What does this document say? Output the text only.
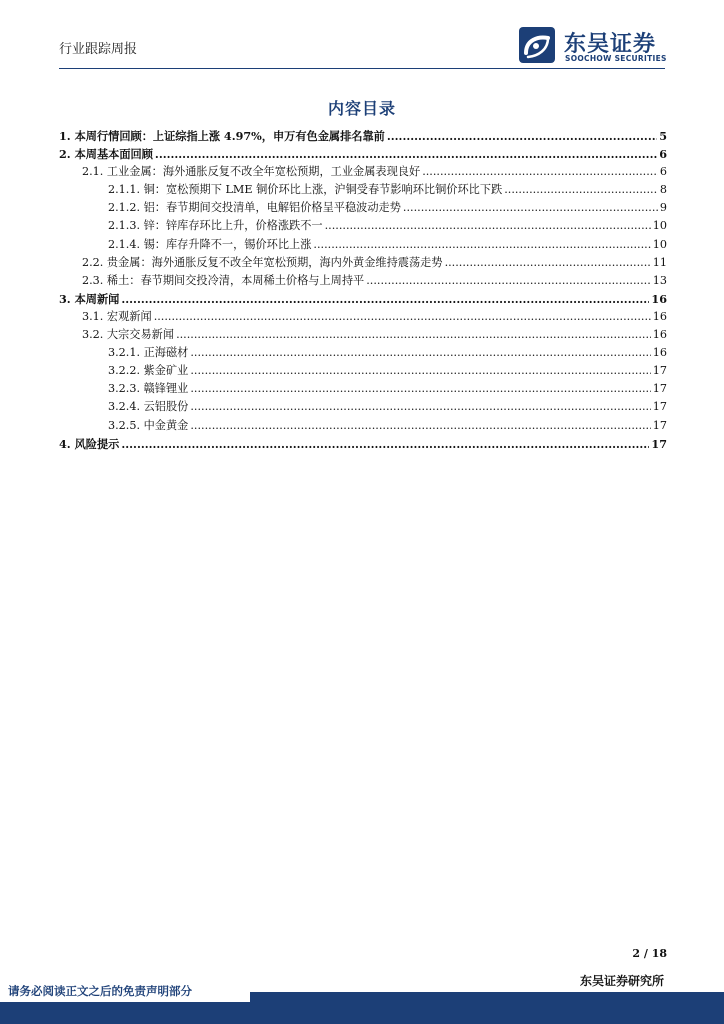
行业跟踪周报	东吴证券
SOOCHOW SECURITIES
内容目录
1. 本周行情回顾：上证综指上涨 4.97%，申万有色金属排名靠前 .....	5
2. 本周基本面回顾 .....	6
2.1. 工业金属：海外通胀反复不改全年宽松预期，工业金属表现良好 .....	6
2.1.1. 铜：宽松预期下 LME 铜价环比上涨，沪铜受春节影响环比铜价环比下跌 .....	8
2.1.2. 铝：春节期间交投清单，电解铝价格呈平稳波动走势 .....	9
2.1.3. 锌：锌库存环比上升，价格涨跌不一 .....	10
2.1.4. 锡：库存升降不一，锡价环比上涨 .....	10
2.2. 贵金属：海外通胀反复不改全年宽松预期，海内外黄金维持震荡走势 .....	11
2.3. 稀土：春节期间交投冷清，本周稀土价格与上周持平 .....	13
3. 本周新闻 .....	16
3.1. 宏观新闻 .....	16
3.2. 大宗交易新闻 .....	16
3.2.1. 正海磁材 .....	16
3.2.2. 紫金矿业 .....	17
3.2.3. 赣锋锂业 .....	17
3.2.4. 云铝股份 .....	17
3.2.5. 中金黄金 .....	17
4. 风险提示 .....	17
2 / 18
东吴证券研究所
请务必阅读正文之后的免责声明部分
